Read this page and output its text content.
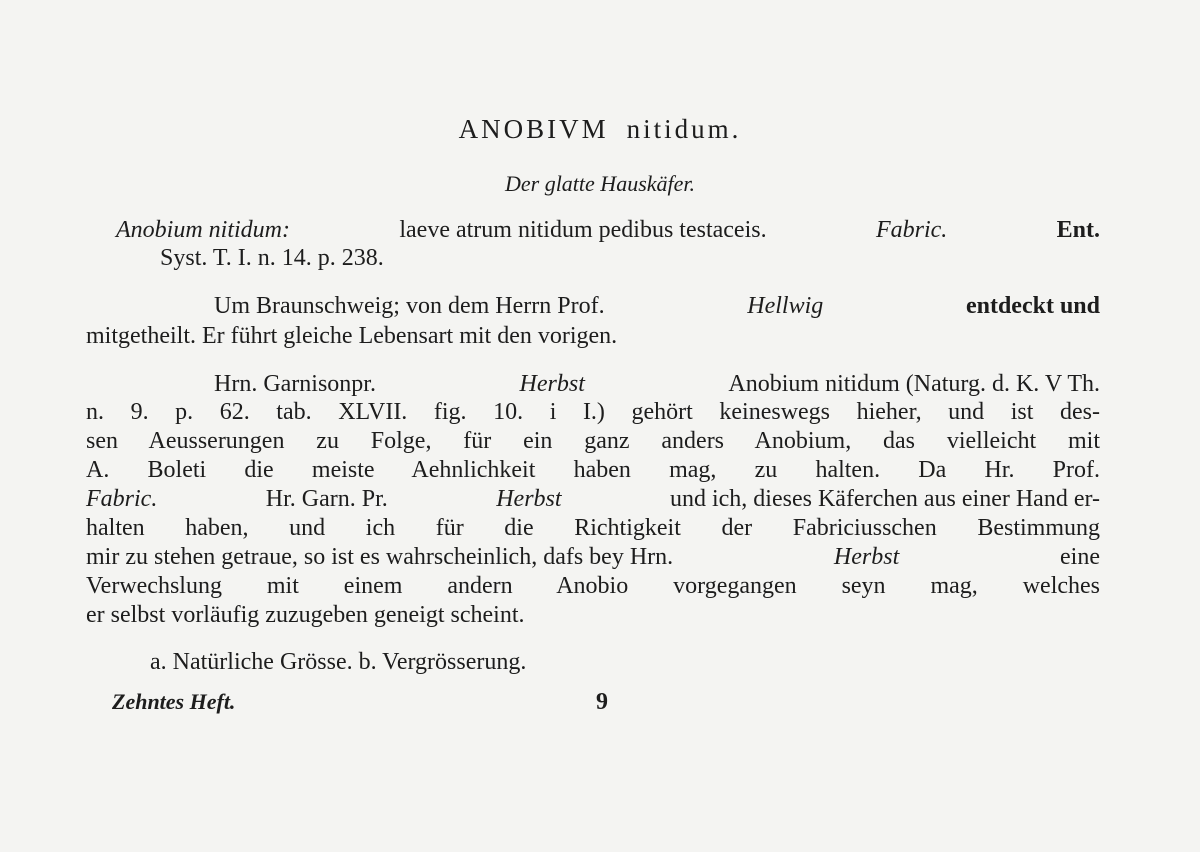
ANOBIVM nitidum.
Der glatte Hauskäfer.
Anobium nitidum:	laeve atrum nitidum pedibus testaceis.	Fabric.	Ent.
Syst. T. I. n. 14. p. 238.
Um Braunschweig; von dem Herrn Prof.	Hellwig	entdeckt und
mitgetheilt. Er führt gleiche Lebensart mit den vorigen.
Hrn. Garnisonpr.	Herbst	Anobium nitidum (Naturg. d. K. V Th.
n. 9. p. 62. tab. XLVII. fig. 10. i I.) gehört keineswegs hieher, und ist des-
sen Aeusserungen zu Folge, für ein ganz anders Anobium, das vielleicht mit
A. Boleti die meiste Aehnlichkeit haben mag, zu halten. Da Hr. Prof.
Fabric.	Hr. Garn. Pr.	Herbst	und ich, dieses Käferchen aus einer Hand er-
halten haben, und ich für die Richtigkeit der Fabriciusschen Bestimmung
mir zu stehen getraue, so ist es wahrscheinlich, dafs bey Hrn.	Herbst	eine
Verwechslung mit einem andern Anobio vorgegangen seyn mag, welches
er selbst vorläufig zuzugeben geneigt scheint.
a. Natürliche Grösse. b. Vergrösserung.
Zehntes Heft.	9
